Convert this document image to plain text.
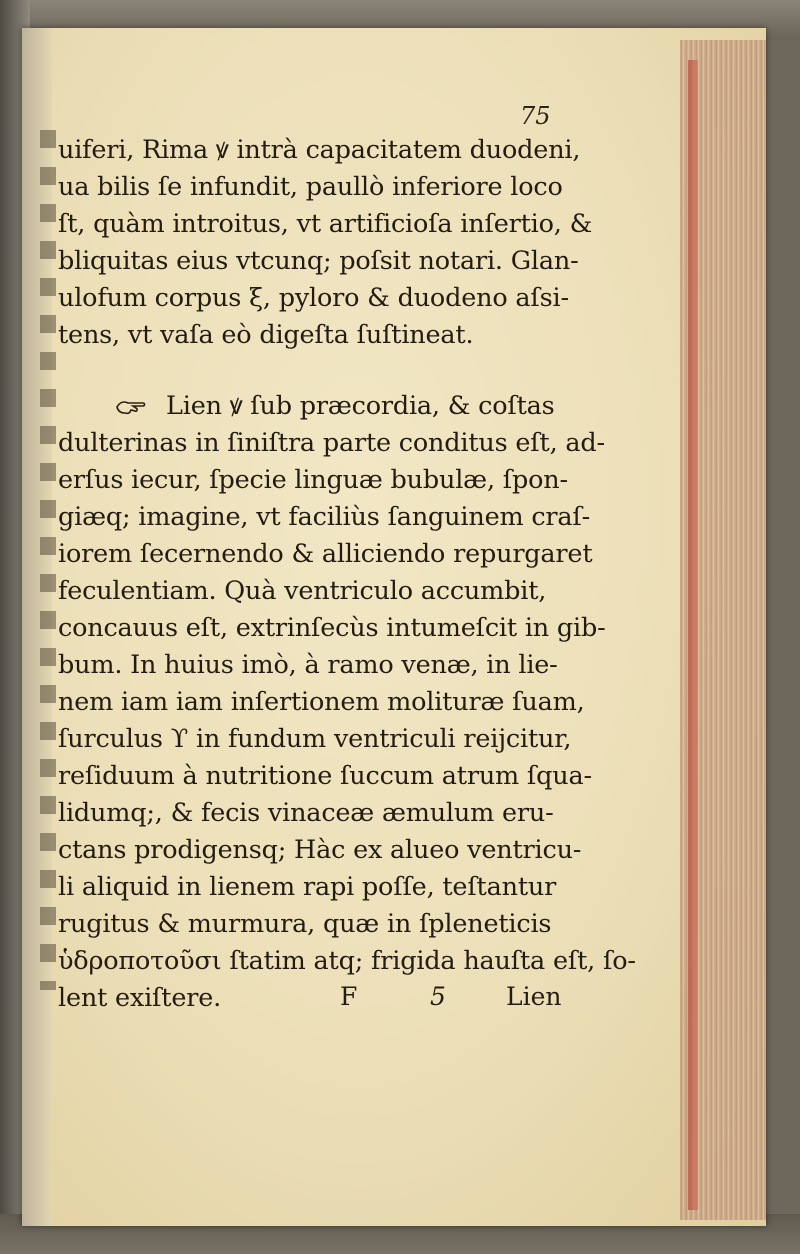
75
uiferi, Rima ꝟ intrà capacitatem duodeni,
ua bilis ſe infundit, paullò inferiore loco
ſt, quàm introitus, vt artificioſa inſertio, &
bliquitas eius vtcunq; poſsit notari. Glan-
ulofum corpus ξ, pyloro & duodeno aſsi-
tens, vt vaſa eò digeſta ſuſtineat.
Lien ꝟ ſub præcordia, & coſtas
dulterinas in ſiniſtra parte conditus eſt, ad-
erſus iecur, ſpecie linguæ bubulæ, ſpon-
giæq; imagine, vt faciliùs ſanguinem craſ-
iorem ſecernendo & alliciendo repurgaret
feculentiam. Quà ventriculo accumbit,
concauus eſt, extrinſecùs intumeſcit in gib-
bum. In huius imò, à ramo venæ, in lie-
nem iam iam inſertionem molituræ ſuam,
ſurculus ϒ in fundum ventriculi reijcitur,
reſiduum à nutritione ſuccum atrum ſqua-
lidumq;, & fecis vinaceæ æmulum eru-
ctans prodigensq; Hàc ex alueo ventricu-
li aliquid in lienem rapi poſſe, teſtantur
rugitus & murmura, quæ in ſpleneticis
ὑδροποτοῦσι ſtatim atq; frigida hauſta eſt, ſo-
lent exiſtere.	F	5 Lien
